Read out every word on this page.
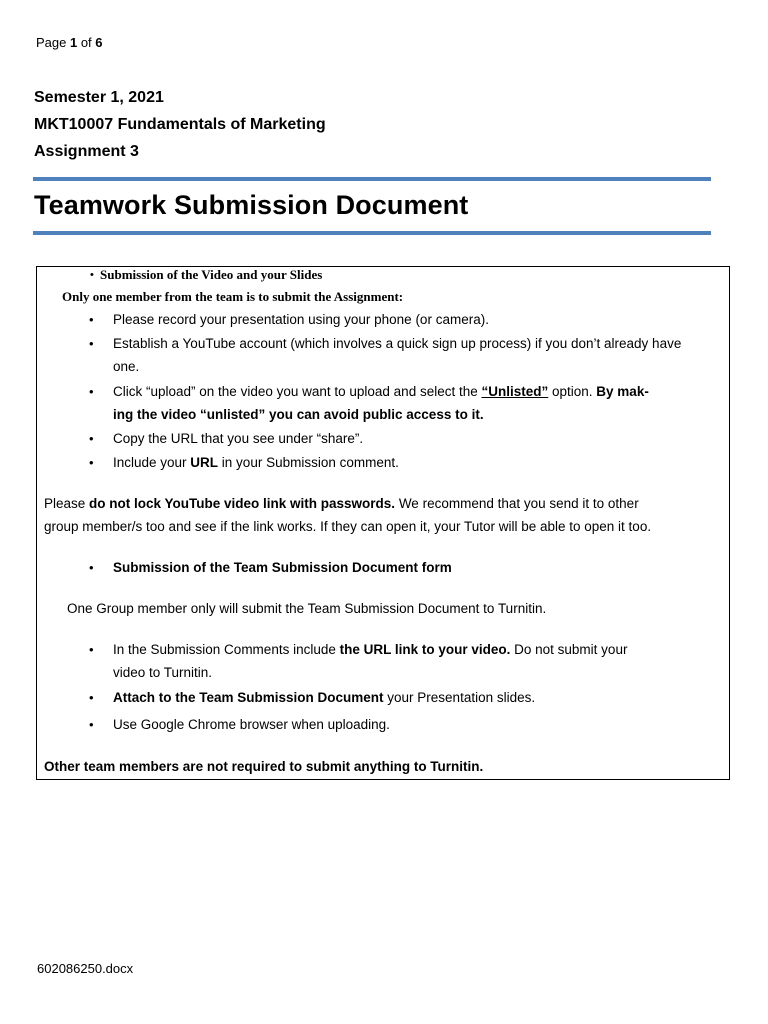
Page 1 of 6
Semester 1, 2021
MKT10007 Fundamentals of Marketing
Assignment 3
Teamwork Submission Document
• Submission of the Video and your Slides
Only one member from the team is to submit the Assignment:
• Please record your presentation using your phone (or camera).
• Establish a YouTube account (which involves a quick sign up process) if you don’t already have
one.
• Click “upload” on the video you want to upload and select the “Unlisted” option. By mak-
ing the video “unlisted” you can avoid public access to it.
• Copy the URL that you see under “share”.
• Include your URL in your Submission comment.
Please do not lock YouTube video link with passwords. We recommend that you send it to other
group member/s too and see if the link works. If they can open it, your Tutor will be able to open it too.
• Submission of the Team Submission Document form
One Group member only will submit the Team Submission Document to Turnitin.
• In the Submission Comments include the URL link to your video. Do not submit your
video to Turnitin.
• Attach to the Team Submission Document your Presentation slides.
• Use Google Chrome browser when uploading.
Other team members are not required to submit anything to Turnitin.
602086250.docx
